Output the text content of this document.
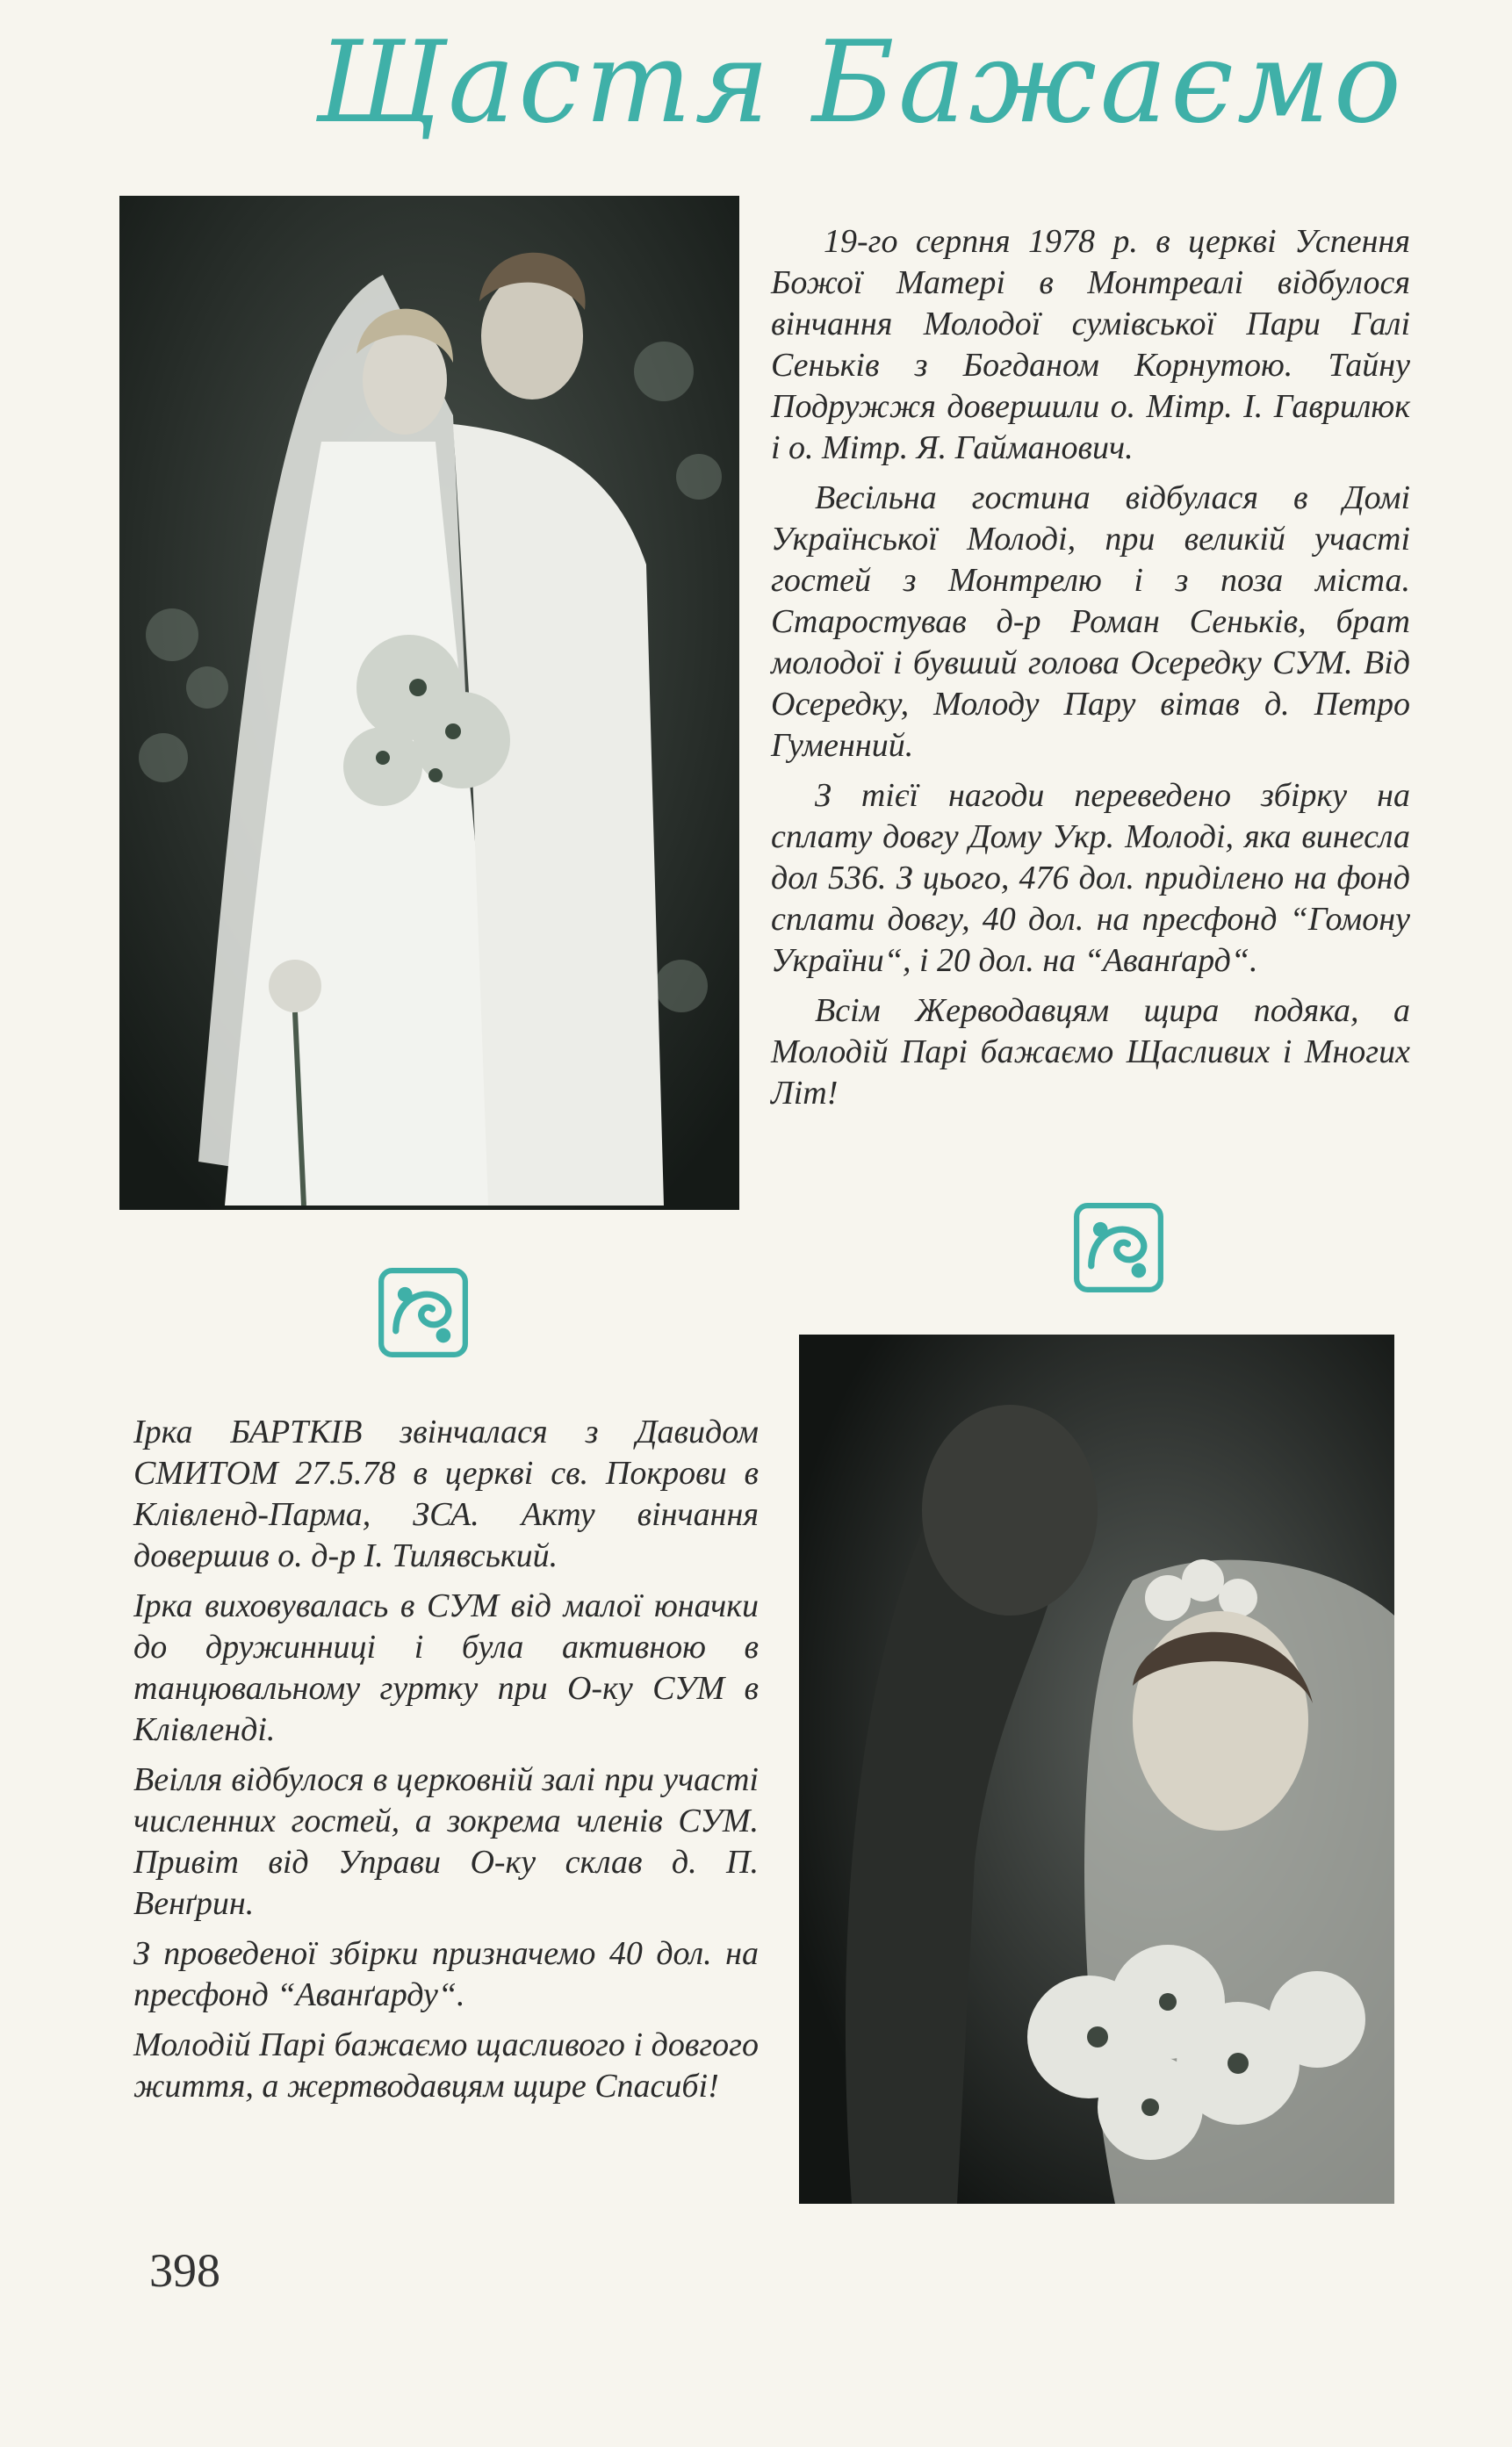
Щастя Бажаємо

19-го серпня 1978 р. в церкві Успення Божої Матері в Монтреалі відбулося вінчання Молодої сумівської Пари Галі Сеньків з Богданом Корнутою. Тайну Подружжя довершили о. Мітр. І. Гаврилюк і о. Мітр. Я. Гайманович.

Весільна гостина відбулася в Домі Української Молоді, при великій участі гостей з Монтрелю і з поза міста. Старостував д-р Роман Сеньків, брат молодої і бувший голова Осередку СУМ. Від Осередку, Молоду Пару вітав д. Петро Гуменний.

З тієї нагоди переведено збірку на сплату довгу Дому Укр. Молоді, яка винесла дол 536. З цього, 476 дол. приділено на фонд сплати довгу, 40 дол. на пресфонд “Гомону України“, і 20 дол. на “Аванґард“.

Всім Жерводавцям щира подяка, а Молодій Парі бажаємо Щасливих і Многих Літ!

Ірка БАРТКІВ звінчалася з Давидом СМИТОМ 27.5.78 в церкві св. Покрови в Клівленд-Парма, ЗСА. Акту вінчання довершив о. д-р І. Тилявський.

Ірка виховувалась в СУМ від малої юначки до дружинниці і була активною в танцювальному гуртку при О-ку СУМ в Клівленді.

Веілля відбулося в церковній залі при участі численних гостей, а зокрема членів СУМ. Привіт від Управи О-ку склав д. П. Венґрин.

З проведеної збірки призначемо 40 дол. на пресфонд “Аванґарду“.

Молодій Парі бажаємо щасливого і довгого життя, а жертводавцям щире Спасибі!

398
